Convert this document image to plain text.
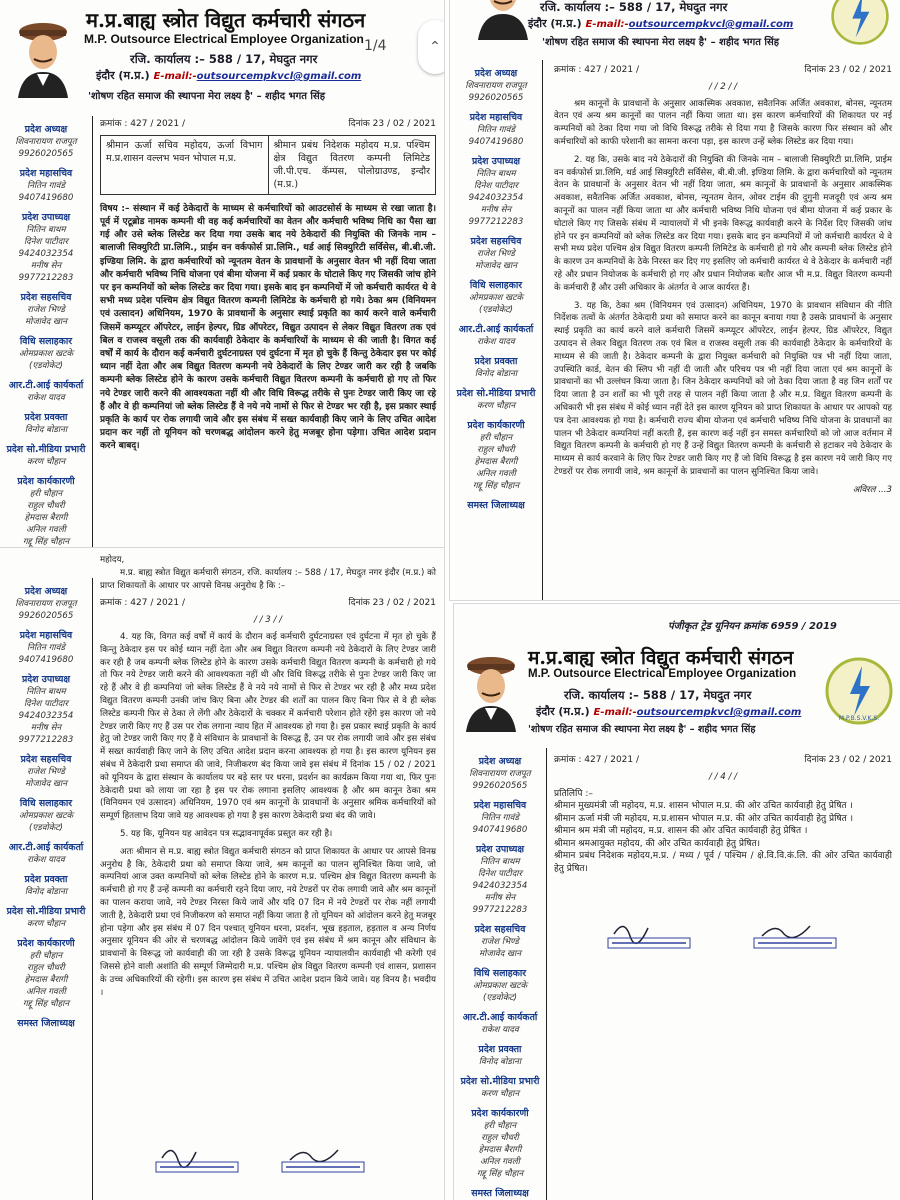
म.प्र.बाह्य स्त्रोत विद्युत कर्मचारी संगठन
M.P. Outsource Electrical Employee Organization
रजि. कार्यालय :– 588 / 17, मेघदुत नगर
इंदौर (म.प्र.) E-mail:-outsourcempkvcl@gmail.com
'शोषण रहित समाज की स्थापना मेरा लक्ष्य है' – शहीद भगत सिंह
1/4	⌃
प्रदेश अध्यक्ष
शिवनारायण राजपूत
9926020565
प्रदेश महासचिव
नितिन गावंडे
9407419680
प्रदेश उपाध्यक्ष
नितिन बाथम
दिनेश पाटीदार
9424032354
मनीष सेन
9977212283
प्रदेश सहसचिव
राजेश भिण्डे
मोजावेद खान
विधि सलाहकार
ओमप्रकाश खटके
(एडवोकेट)
आर.टी.आई कार्यकर्ता
राकेश यादव
प्रदेश प्रवक्ता
विनोद बोडाना
प्रदेश सो.मीडिया प्रभारी
करण चौहान
प्रदेश कार्यकारणी
हरी चौहान
राहुल चौधरी
हेमदास बैरागी
अनिल गवली
गद्दू सिंह चौहान
क्रमांक : 427 / 2021 /	दिनांक 23 / 02 / 2021
श्रीमान ऊर्जा सचिव महोदय, ऊर्जा विभाग म.प्र.शासन वल्लभ भवन भोपाल म.प्र.
श्रीमान प्रबंध निदेशक महोदय म.प्र. पश्चिम क्षेत्र विद्युत वितरण कम्पनी लिमिटेड जी.पी.एच. कॅम्पस, पोलोग्राउण्ड, इन्दौर (म.प्र.)
विषय :– संस्थान में कई ठेकेदारों के माध्यम से कर्मचारियों को आउटसोर्स के माध्यम से रखा जाता है। पूर्व में एटूब्रोड नामक कम्पनी थी वह कई कर्मचारियों का वेतन और कर्मचारी भविष्य निधि का पैसा खा गई और उसे ब्लेक लिस्टेड कर दिया गया उसके बाद नये ठेकेदारों की नियुक्ति की जिनके नाम – बालाजी सिक्युरिटी प्रा.लिमि., प्राईम वन वर्कफोर्स प्रा.लिमि., थर्ड आई सिक्युरिटी सर्विसेस, बी.बी.जी. इण्डिया लिमि. के द्वारा कर्मचारियों को न्यूनतम वेतन के प्रावधानों के अनुसार वेतन भी नहीं दिया जाता और कर्मचारी भविष्य निधि योजना एवं बीमा योजना में कई प्रकार के घोटाले किए गए जिसकी जांच होने पर इन कम्पनियों को ब्लेक लिस्टेड कर दिया गया। इसके बाद इन कम्पनियों में जो कर्मचारी कार्यरत थे वे सभी मध्य प्रदेश पश्चिम क्षेत्र विद्युत वितरण कम्पनी लिमिटेड के कर्मचारी हो गये। ठेका श्रम (विनियमन एवं उत्सादन) अधिनियम, 1970 के प्रावधानों के अनुसार स्थाई प्रकृति का कार्य करने वाले कर्मचारी जिसमें कम्प्यूटर ऑपरेटर, लाईन हेल्पर, ग्रिड ऑपरेटर, विद्युत उत्पादन से लेकर विद्युत वितरण तक एवं बिल व राजस्व वसूली तक की कार्यवाही ठेकेदार के कर्मचारियों के माध्यम से की जाती है। विगत कई वर्षों में कार्य के दौरान कई कर्मचारी दुर्घटनाग्रस्त एवं दुर्घटना में मृत हो चुके हैं किन्तु ठेकेदार इस पर कोई ध्यान नहीं देता और अब विद्युत वितरण कम्पनी नये ठेकेदारों के लिए टेण्डर जारी कर रही है जबकि कम्पनी ब्लेक लिस्टेड होने के कारण उसके कर्मचारी विद्युत वितरण कम्पनी के कर्मचारी हो गए तो फिर नये टेण्डर जारी करने की आवश्यकता नहीं थी और विधि विरूद्ध तरीके से पुनः टेण्डर जारी किए जा रहे हैं और वे ही कम्पनियां जो ब्लेक लिस्टेड हैं वे नये नये नामों से फिर से टेण्डर भर रही है, इस प्रकार स्थाई प्रकृति के कार्य पर रोक लगायी जावे और इस संबंध में सख्त कार्यवाही किए जाने के लिए उचित आदेश प्रदान कर नहीं तो यूनियन को चरणबद्ध आंदोलन करने हेतु मजबूर होना पड़ेगा। उचित आदेश प्रदान करने बाबद्।
रजि. कार्यालय :– 588 / 17, मेघदुत नगर
इंदौर (म.प्र.) E-mail:-outsourcempkvcl@gmail.com
'शोषण रहित समाज की स्थापना मेरा लक्ष्य है' – शहीद भगत सिंह
प्रदेश अध्यक्ष
शिवनारायण राजपूत
9926020565
प्रदेश महासचिव
नितिन गावंडे
9407419680
प्रदेश उपाध्यक्ष
नितिन बाथम
दिनेश पाटीदार
9424032354
मनीष सेन
9977212283
प्रदेश सहसचिव
राजेश भिण्डे
मोजावेद खान
विधि सलाहकार
ओमप्रकाश खटके
(एडवोकेट)
आर.टी.आई कार्यकर्ता
राकेश यादव
प्रदेश प्रवक्ता
विनोद बोडाना
प्रदेश सो.मीडिया प्रभारी
करण चौहान
प्रदेश कार्यकारणी
हरी चौहान
राहुल चौधरी
हेमदास बैरागी
अनिल गवली
गद्दू सिंह चौहान
समस्त जिलाध्यक्ष
क्रमांक : 427 / 2021 /	दिनांक 23 / 02 / 2021
/ / 2 / /
श्रम कानूनों के प्रावधानों के अनुसार आकस्मिक अवकाश, सवैतनिक अर्जित अवकाश, बोनस, न्यूनतम वेतन एवं अन्य श्रम कानूनों का पालन नहीं किया जाता था। इस कारण कर्मचारियों की शिकायत पर नई कम्पनियों को ठेका दिया गया जो विधि विरूद्ध तरीके से दिया गया है जिसके कारण फिर संस्थान को और कर्मचारियों को काफी परेशानी का सामना करना पड़ा, इस कारण उन्हें ब्लेक लिस्टेड कर दिया गया।
2. यह कि, उसके बाद नये ठेकेदारों की नियुक्ति की जिनके नाम – बालाजी सिक्युरिटी प्रा.लिमि, प्राईम वन वर्कफोर्स प्रा.लिमि, थर्ड आई सिक्युरिटी सर्विसेस, बी.बी.जी. इण्डिया लिमि. के द्वारा कर्मचारियों को न्यूनतम वेतन के प्रावधानों के अनुसार वेतन भी नहीं दिया जाता, श्रम कानूनों के प्रावधानों के अनुसार आकस्मिक अवकाश, सवैतनिक अर्जित अवकाश, बोनस, न्यूनतम वेतन, ओवर टाईम की दुगुनी मजदूरी एवं अन्य श्रम कानूनों का पालन नहीं किया जाता था और कर्मचारी भविष्य निधि योजना एवं बीमा योजना में कई प्रकार के घोटाले किए गए जिसके संबंध में न्यायालयों में भी इनके विरूद्ध कार्यवाही करने के निर्देश दिए जिसकी जांच होने पर इन कम्पनियों को ब्लेक लिस्टेड कर दिया गया। इसके बाद इन कम्पनियों में जो कर्मचारी कार्यरत थे वे सभी मध्य प्रदेश पश्चिम क्षेत्र विद्युत वितरण कम्पनी लिमिटेड के कर्मचारी हो गये और कम्पनी ब्लेक लिस्टेड होने के कारण उन कम्पनियों के ठेके निरस्त कर दिए गए इसलिए जो कर्मचारी कार्यरत थे वे ठेकेदार के कर्मचारी नहीं रहे और प्रधान नियोजक के कर्मचारी हो गए और प्रधान नियोजक बतौर आज भी म.प्र. विद्युत वितरण कम्पनी के कर्मचारी हैं और उसी अधिकार के अंतर्गत वे आज कार्यरत हैं।
3. यह कि, ठेका श्रम (विनियमन एवं उत्सादन) अधिनियम, 1970 के प्रावधान संविधान की नीति निर्देशक तत्वों के अंतर्गत ठेकेदारी प्रथा को समाप्त करने का कानून बनाया गया है उसके प्रावधानों के अनुसार स्थाई प्रकृति का कार्य करने वाले कर्मचारी जिसमें कम्प्यूटर ऑपरेटर, लाईन हेल्पर, ग्रिड ऑपरेटर, विद्युत उत्पादन से लेकर विद्युत वितरण तक एवं बिल व राजस्व वसूली तक की कार्यवाही ठेकेदार के कर्मचारियों के माध्यम से की जाती है। ठेकेदार कम्पनी के द्वारा नियुक्त कर्मचारी को नियुक्ति पत्र भी नहीं दिया जाता, उपस्थिति कार्ड, वेतन की स्लिप भी नहीं दी जाती और परिचय पत्र भी नहीं दिया जाता एवं श्रम कानूनों के प्रावधानों का भी उल्लंघन किया जाता है। जिन ठेकेदार कम्पनियों को जो ठेका दिया जाता है वह जिन शर्तों पर दिया जाता है उन शर्तों का भी पूरी तरह से पालन नहीं किया जाता है और म.प्र. विद्युत वितरण कम्पनी के अधिकारी भी इस संबंध में कोई ध्यान नहीं देते इस कारण यूनियन को प्राप्त शिकायत के आधार पर आपको यह पत्र देना आवश्यक हो गया है। कर्मचारी राज्य बीमा योजना एवं कर्मचारी भविष्य निधि योजना के प्रावधानों का पालन भी ठेकेदार कम्पनियां नहीं करती हैं, इस कारण कई नहीं इन समस्त कर्मचारियों को जो आज वर्तमान में विद्युत वितरण कम्पनी के कर्मचारी हो गए हैं उन्हें विद्युत वितरण कम्पनी के कर्मचारी से हटाकर नये ठेकेदार के माध्यम से कार्य करवाने के लिए फिर टेण्डर जारी किए गए हैं जो विधि विरूद्ध है इस कारण नये जारी किए गए टेण्डरों पर रोक लगायी जावे, श्रम कानूनों के प्रावधानों का पालन सुनिश्चित किया जावे।
अविरल ...3
प्रदेश अध्यक्ष
शिवनारायण राजपूत
9926020565
प्रदेश महासचिव
नितिन गावंडे
9407419680
प्रदेश उपाध्यक्ष
नितिन बाथम
दिनेश पाटीदार
9424032354
मनीष सेन
9977212283
प्रदेश सहसचिव
राजेश भिण्डे
मोजावेद खान
विधि सलाहकार
ओमप्रकाश खटके
(एडवोकेट)
आर.टी.आई कार्यकर्ता
राकेश यादव
प्रदेश प्रवक्ता
विनोद बोडाना
प्रदेश सो.मीडिया प्रभारी
करण चौहान
प्रदेश कार्यकारणी
हरी चौहान
राहुल चौधरी
हेमदास बैरागी
अनिल गवली
गद्दू सिंह चौहान
समस्त जिलाध्यक्ष
महोदय,
म.प्र. बाह्य स्त्रोत विद्युत कर्मचारी संगठन, रजि. कार्यालय :– 588 / 17, मेघदुत नगर इंदौर (म.प्र.) को प्राप्त शिकायतों के आधार पर आपसे विनम्र अनुरोध है कि :–
क्रमांक : 427 / 2021 /	दिनांक 23 / 02 / 2021
/ / 3 / /
4. यह कि, विगत कई वर्षों में कार्य के दौरान कई कर्मचारी दुर्घटनाग्रस्त एवं दुर्घटना में मृत हो चुके हैं किन्तु ठेकेदार इस पर कोई ध्यान नहीं देता और अब विद्युत वितरण कम्पनी नये ठेकेदारों के लिए टेण्डर जारी कर रही है जब कम्पनी ब्लेक लिस्टेड होने के कारण उसके कर्मचारी विद्युत वितरण कम्पनी के कर्मचारी हो गये तो फिर नये टेण्डर जारी करने की आवश्यकता नहीं थी और विधि विरूद्ध तरीके से पुनः टेण्डर जारी किए जा रहे हैं और वे ही कम्पनियां जो ब्लेक लिस्टेड हैं वे नये नये नामों से फिर से टेण्डर भर रही है और मध्य प्रदेश विद्युत वितरण कम्पनी उनकी जांच किए बिना और टेण्डर की शर्तों का पालन किए बिना फिर से वे ही ब्लेक लिस्टेड कम्पनी फिर से ठेका ले लेंगी और ठेकेदारों के चक्कर में कर्मचारी परेशान होते रहेंगे इस कारण जो नये टेण्डर जारी किए गए हैं उस पर रोक लगाना न्याय हित में आवश्यक हो गया है। इस प्रकार स्थाई प्रकृति के कार्य हेतु जो टेण्डर जारी किए गए हैं वे संविधान के प्रावधानों के विरूद्ध हैं, उन पर रोक लगायी जावे और इस संबंध में सख्त कार्यवाही किए जाने के लिए उचित आदेश प्रदान करना आवश्यक हो गया है। इस कारण यूनियन इस संबंध में ठेकेदारी प्रथा समाप्त की जावे, निजीकरण बंद किया जावे इस संबंध में दिनांक 15 / 02 / 2021 को यूनियन के द्वारा संस्थान के कार्यालय पर बड़े स्तर पर धरना, प्रदर्शन का कार्यक्रम किया गया था, फिर पुनः ठेकेदारी प्रथा को लाया जा रहा है इस पर रोक लगाना इसलिए आवश्यक है और श्रम कानून ठेका श्रम (विनियमन एवं उत्सादन) अधिनियम, 1970 एवं श्रम कानूनों के प्रावधानों के अनुसार श्रमिक कर्मचारियों को सम्पूर्ण हितलाभ दिया जावे यह आवश्यक हो गया है इस कारण ठेकेदारी प्रथा बंद की जावे।
5. यह कि, यूनियन यह आवेदन पत्र सद्भावनापूर्वक प्रस्तुत कर रही है।
अतः श्रीमान से म.प्र. बाह्य स्त्रोत विद्युत कर्मचारी संगठन को प्राप्त शिकायत के आधार पर आपसे विनम्र अनुरोध है कि, ठेकेदारी प्रथा को समाप्त किया जावे, श्रम कानूनों का पालन सुनिश्चित किया जावे, जो कम्पनियां आज उक्त कम्पनियों को ब्लेक लिस्टेड होने के कारण म.प्र. पश्चिम क्षेत्र विद्युत वितरण कम्पनी के कर्मचारी हो गए हैं उन्हें कम्पनी का कर्मचारी रहने दिया जाए, नये टेण्डरों पर रोक लगायी जावे और श्रम कानूनों का पालन कराया जावे, नये टेण्डर निरस्त किये जावें और यदि 07 दिन में नये टेण्डरों पर रोक नहीं लगायी जाती है, ठेकेदारी प्रथा एवं निजीकरण को समाप्त नहीं किया जाता है तो यूनियन को आंदोलन करने हेतु मजबूर होना पड़ेगा और इस संबंध में 07 दिन पश्चात् यूनियन धरना, प्रदर्शन, भूख हड़ताल, हड़ताल व अन्य निर्णय अनुसार यूनियन की ओर से चरणबद्ध आंदोलन किये जावेंगे एवं इस संबंध में श्रम कानून और संविधान के प्रावधानों के विरूद्ध जो कार्यवाही की जा रही है उसके विरूद्ध यूनियन न्यायालयीन कार्यवाही भी करेगी एवं जिससे होने वाली अशांति की सम्पूर्ण जिम्मेदारी म.प्र. पश्चिम क्षेत्र विद्युत वितरण कम्पनी एवं शासन, प्रशासन के उच्च अधिकारियों की रहेगी। इस कारण इस संबंध में उचित आदेश प्रदान किये जावे। यह विनय है। भवदीय ।
पंजीकृत ट्रेड यूनियन क्रमांक 6959 / 2019
म.प्र.बाह्य स्त्रोत विद्युत कर्मचारी संगठन
M.P. Outsource Electrical Employee Organization
रजि. कार्यालय :– 588 / 17, मेघदुत नगर
इंदौर (म.प्र.) E-mail:-outsourcempkvcl@gmail.com
'शोषण रहित समाज की स्थापना मेरा लक्ष्य है' – शहीद भगत सिंह
M.P.B.S.V.K.S.
प्रदेश अध्यक्ष
शिवनारायण राजपूत
9926020565
प्रदेश महासचिव
नितिन गावंडे
9407419680
प्रदेश उपाध्यक्ष
नितिन बाथम
दिनेश पाटीदार
9424032354
मनीष सेन
9977212283
प्रदेश सहसचिव
राजेश भिण्डे
मोजावेद खान
विधि सलाहकार
ओमप्रकाश खटके
(एडवोकेट)
आर.टी.आई कार्यकर्ता
राकेश यादव
प्रदेश प्रवक्ता
विनोद बोडाना
प्रदेश सो.मीडिया प्रभारी
करण चौहान
प्रदेश कार्यकारणी
हरी चौहान
राहुल चौधरी
हेमदास बैरागी
अनिल गवली
गद्दू सिंह चौहान
समस्त जिलाध्यक्ष
क्रमांक : 427 / 2021 /	दिनांक 23 / 02 / 2021
/ / 4 / /
प्रतिलिपि :–
श्रीमान मुख्यमंत्री जी महोदय, म.प्र. शासन भोपाल म.प्र. की ओर उचित कार्यवाही हेतु प्रेषित ।
श्रीमान ऊर्जा मंत्री जी महोदय, म.प्र.शासन भोपाल म.प्र. की ओर उचित कार्यवाही हेतु प्रेषित ।
श्रीमान श्रम मंत्री जी महोदय, म.प्र. शासन की ओर उचित कार्यवाही हेतु प्रेषित ।
श्रीमान श्रमआयुक्त महोदय, की ओर उचित कार्यवाही हेतु प्रेषित।
श्रीमान प्रबंध निदेशक महोदय,म.प्र. / मध्य / पूर्व / पश्चिम / क्षे.वि.वि.कं.लि. की ओर उचित कार्यवाही हेतु प्रेषित।
